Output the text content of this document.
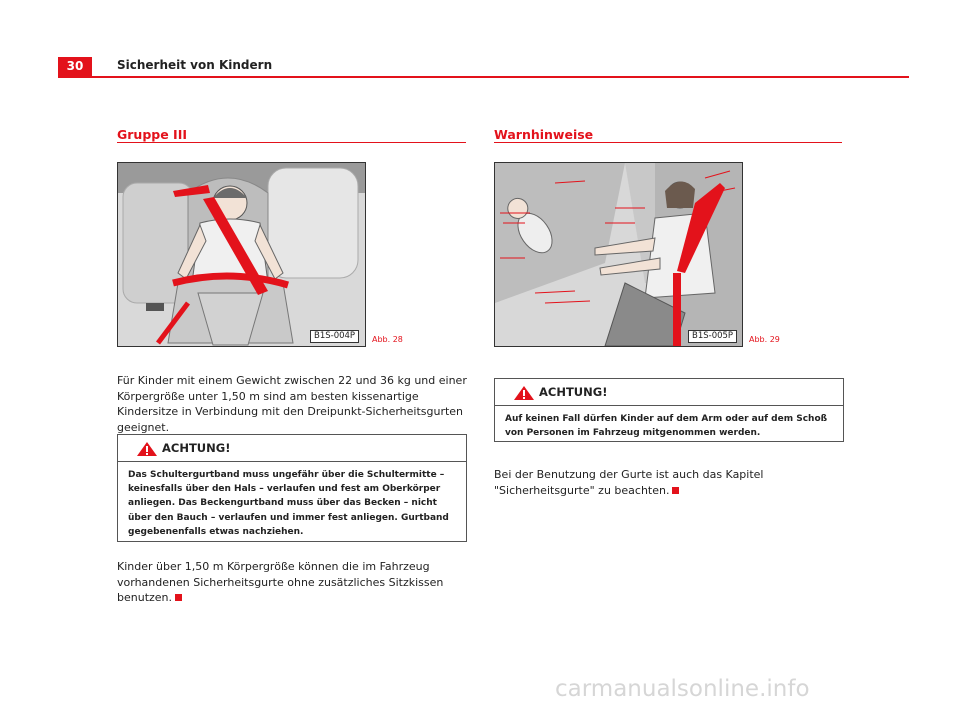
30	Sicherheit von Kindern
Gruppe III
B1S-004P	Abb. 28
Für Kinder mit einem Gewicht zwischen 22 und 36 kg und einer Körpergröße unter 1,50 m sind am besten kissenartige Kindersitze in Verbindung mit den Dreipunkt-Sicherheitsgurten geeignet.
ACHTUNG!
Das Schultergurtband muss ungefähr über die Schultermitte – keinesfalls über den Hals – verlaufen und fest am Oberkörper anliegen. Das Beckengurtband muss über das Becken – nicht über den Bauch – verlaufen und immer fest anliegen. Gurtband gegebenenfalls etwas nachziehen.
Kinder über 1,50 m Körpergröße können die im Fahrzeug vorhandenen Sicherheitsgurte ohne zusätzliches Sitzkissen benutzen.
Warnhinweise
B1S-005P	Abb. 29
ACHTUNG!
Auf keinen Fall dürfen Kinder auf dem Arm oder auf dem Schoß von Personen im Fahrzeug mitgenommen werden.
Bei der Benutzung der Gurte ist auch das Kapitel "Sicherheitsgurte" zu beachten.
carmanualsonline.info
